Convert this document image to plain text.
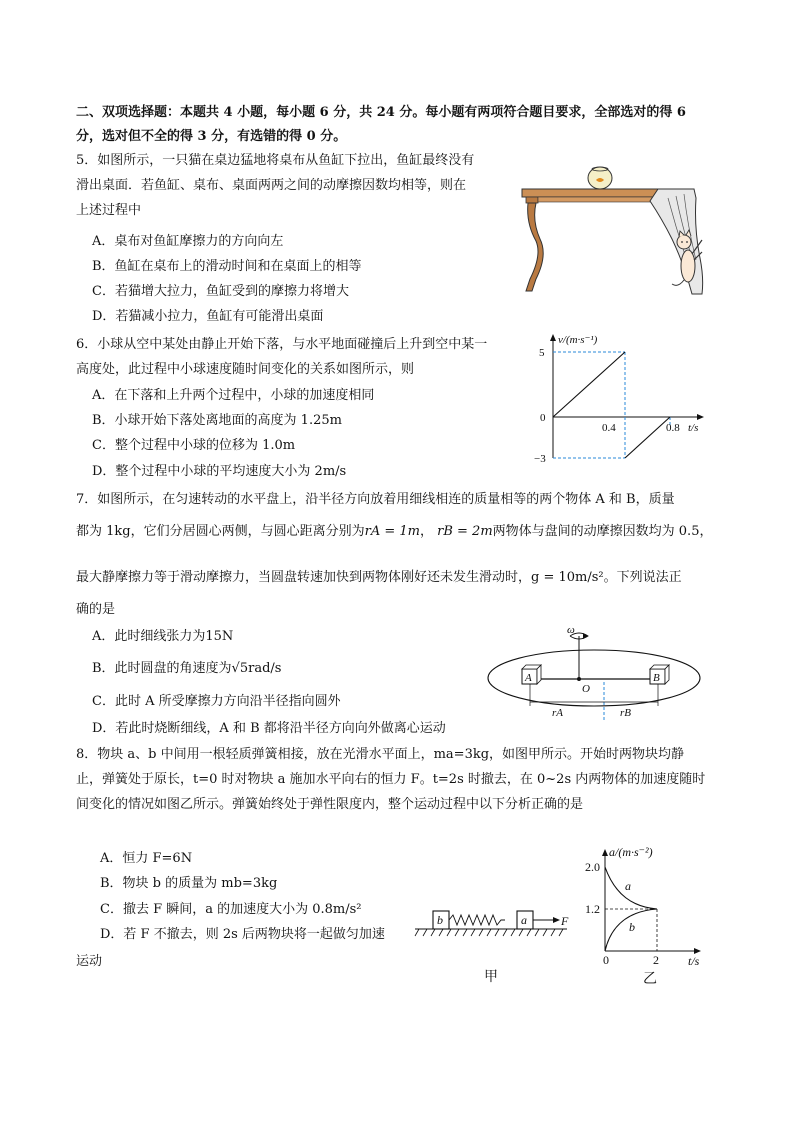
二、双项选择题：本题共 4 小题，每小题 6 分，共 24 分。每小题有两项符合题目要求，全部选对的得 6
分，选对但不全的得 3 分，有选错的得 0 分。
5．如图所示，一只猫在桌边猛地将桌布从鱼缸下拉出，鱼缸最终没有
滑出桌面．若鱼缸、桌布、桌面两两之间的动摩擦因数均相等，则在
上述过程中
A．桌布对鱼缸摩擦力的方向向左
B．鱼缸在桌布上的滑动时间和在桌面上的相等
C．若猫增大拉力，鱼缸受到的摩擦力将增大
D．若猫减小拉力，鱼缸有可能滑出桌面
6．小球从空中某处由静止开始下落，与水平地面碰撞后上升到空中某一
高度处，此过程中小球速度随时间变化的关系如图所示，则
A．在下落和上升两个过程中，小球的加速度相同
B．小球开始下落处离地面的高度为 1.25m
C．整个过程中小球的位移为 1.0m
D．整个过程中小球的平均速度大小为 2m/s
v/(m·s⁻¹)
5
0
−3
0.4	0.8 t/s
7．如图所示，在匀速转动的水平盘上，沿半径方向放着用细线相连的质量相等的两个物体 A 和 B，质量
都为 1kg，它们分居圆心两侧，与圆心距离分别为rA = 1m， rB = 2m两物体与盘间的动摩擦因数均为 0.5，
最大静摩擦力等于滑动摩擦力，当圆盘转速加快到两物体刚好还未发生滑动时，g = 10m/s²。下列说法正
确的是
A．此时细线张力为15N
B．此时圆盘的角速度为√5rad/s
C．此时 A 所受摩擦力方向沿半径指向圆外
D．若此时烧断细线，A 和 B 都将沿半径方向向外做离心运动
ω
A	B
O
rA	rB
8．物块 a、b 中间用一根轻质弹簧相接，放在光滑水平面上，ma=3kg，如图甲所示。开始时两物块均静
止，弹簧处于原长，t=0 时对物块 a 施加水平向右的恒力 F。t=2s 时撤去，在 0~2s 内两物体的加速度随时
间变化的情况如图乙所示。弹簧始终处于弹性限度内，整个运动过程中以下分析正确的是
A．恒力 F=6N
B．物块 b 的质量为 mb=3kg
C．撤去 F 瞬间，a 的加速度大小为 0.8m/s²
D．若 F 不撤去，则 2s 后两物块将一起做匀加速
运动
b	a	F
甲
a/(m·s⁻²)
2.0
1.2
0	2 t/s
a
b
乙
